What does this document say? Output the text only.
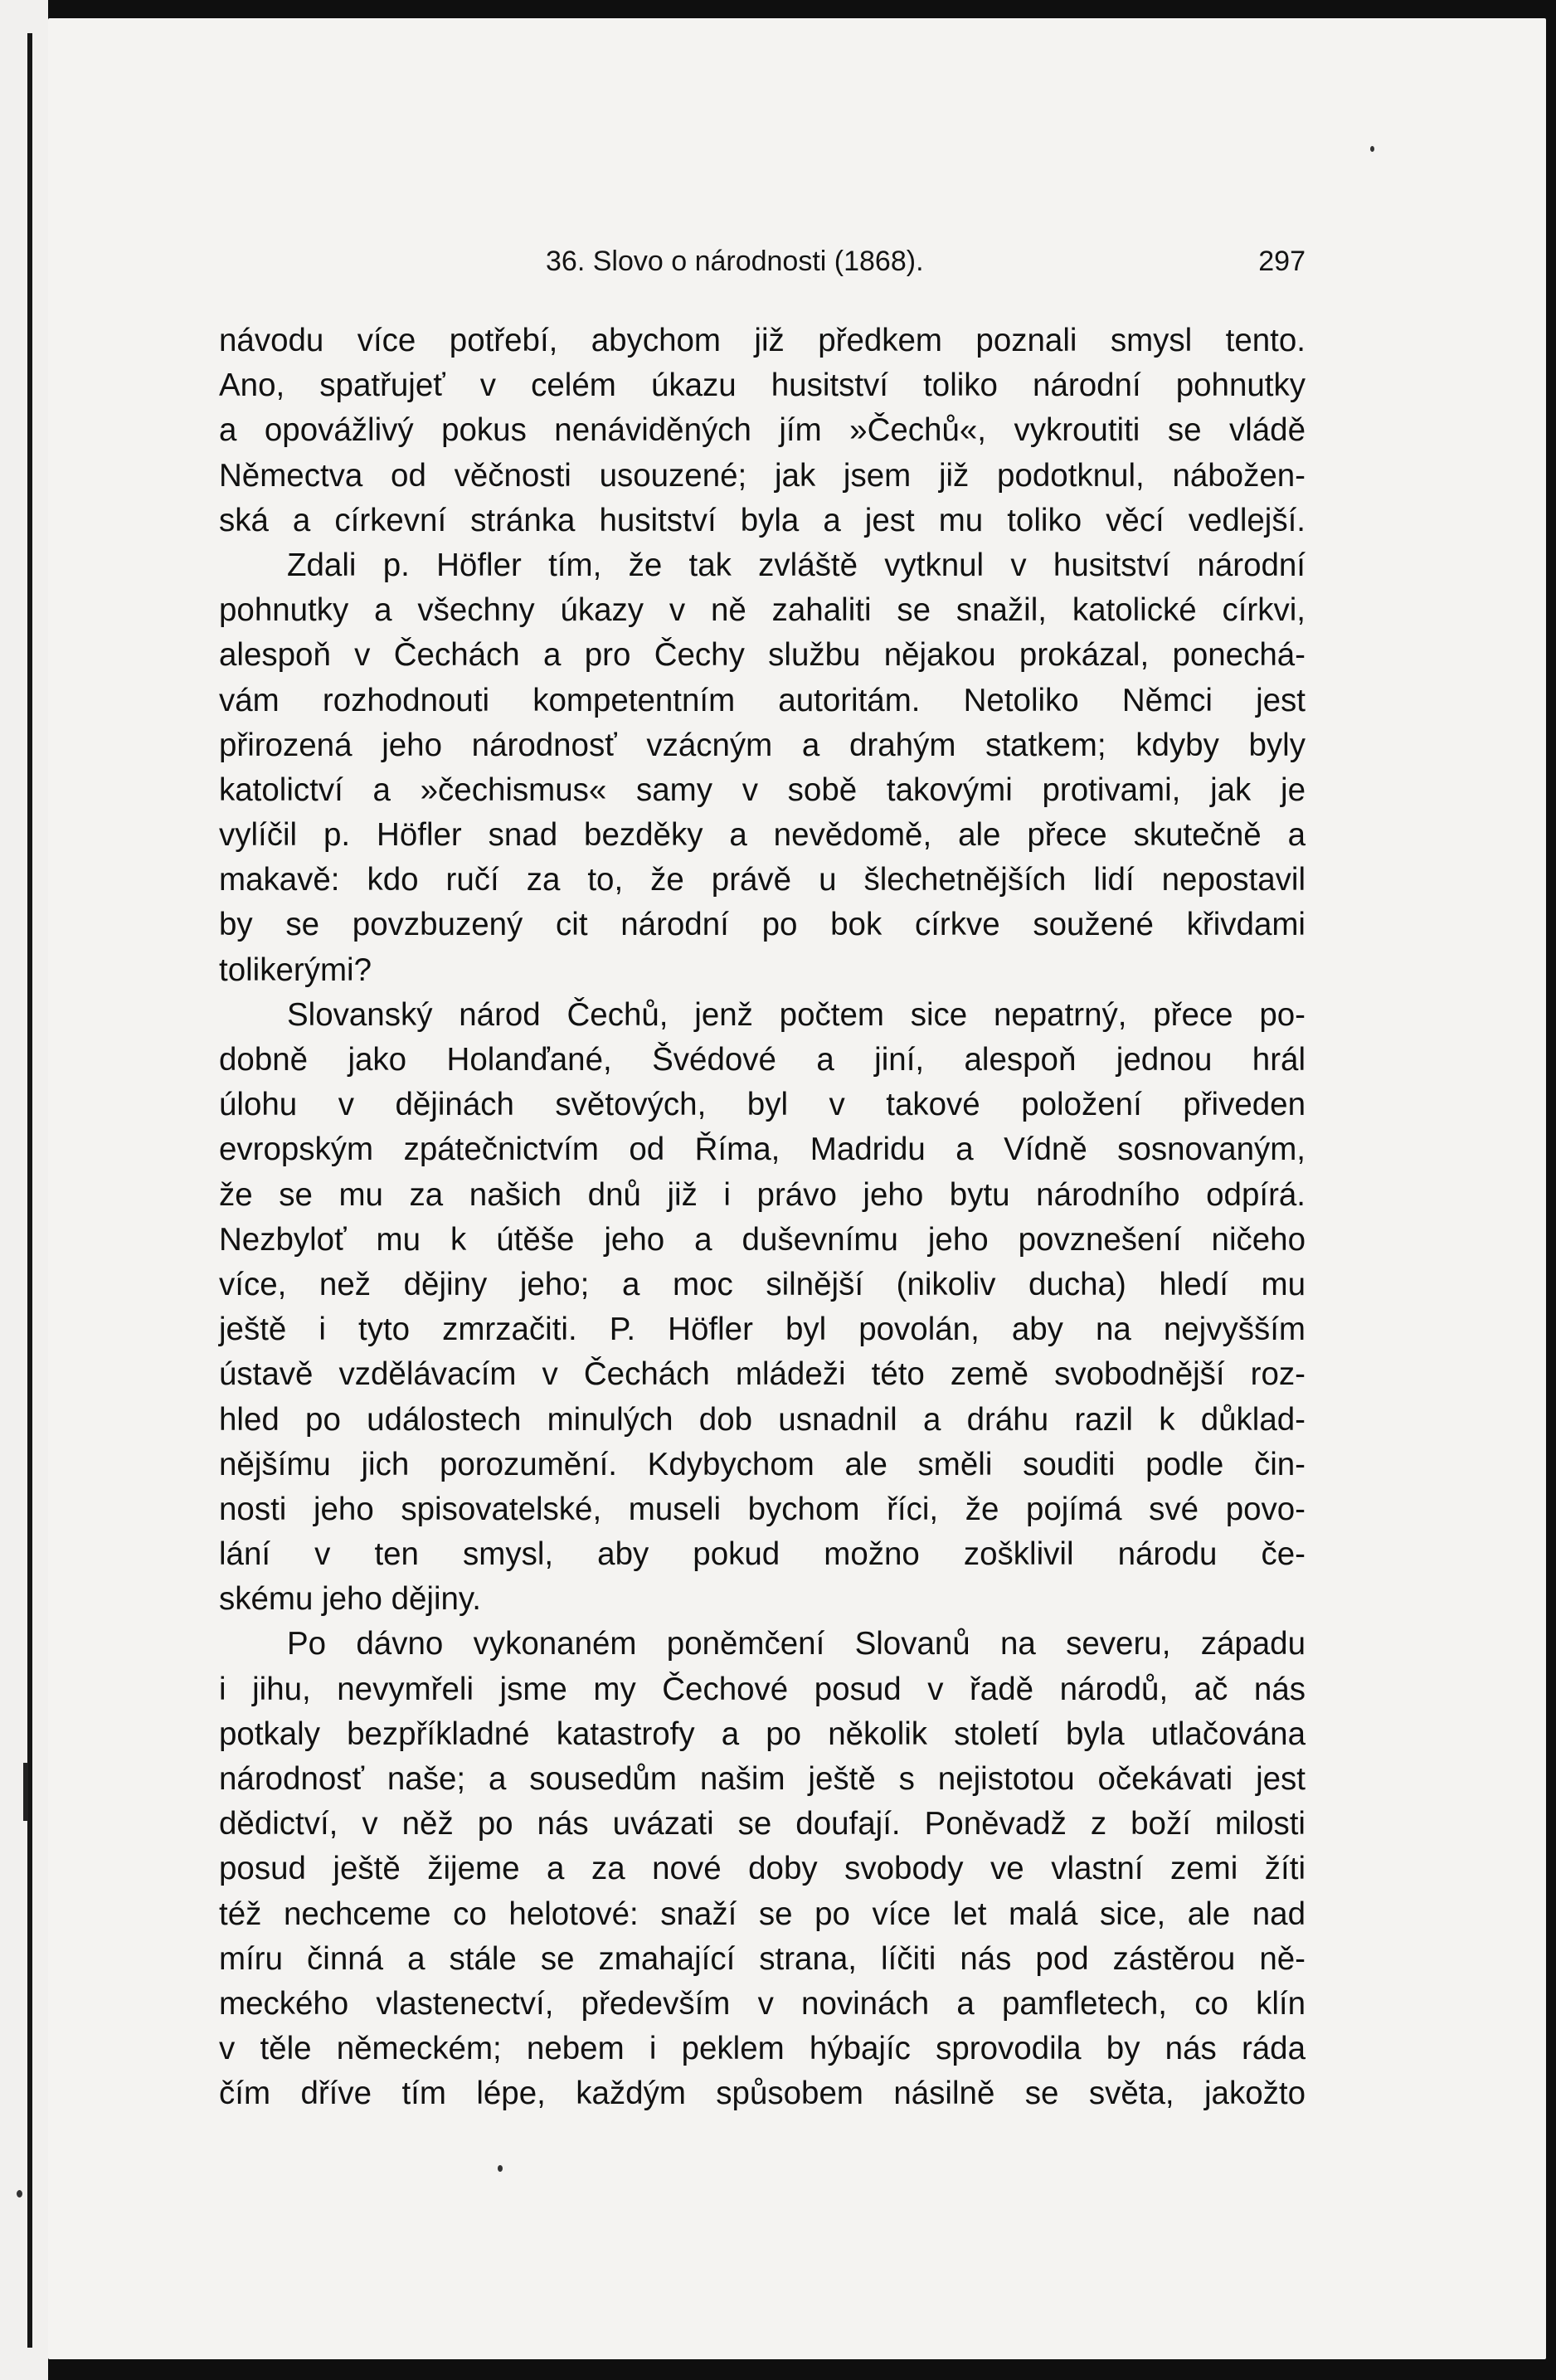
36. Slovo o národnosti (1868).	297
návodu více potřebí, abychom již předkem poznali smysl tento.
Ano, spatřujeť v celém úkazu husitství toliko národní pohnutky
a opovážlivý pokus nenáviděných jím »Čechů«, vykroutiti se vládě
Němectva od věčnosti usouzené; jak jsem již podotknul, nábožen-
ská a církevní stránka husitství byla a jest mu toliko věcí vedlejší.
Zdali p. Höfler tím, že tak zvláště vytknul v husitství národní
pohnutky a všechny úkazy v ně zahaliti se snažil, katolické církvi,
alespoň v Čechách a pro Čechy službu nějakou prokázal, ponechá-
vám rozhodnouti kompetentním autoritám. Netoliko Němci jest
přirozená jeho národnosť vzácným a drahým statkem; kdyby byly
katolictví a »čechismus« samy v sobě takovými protivami, jak je
vylíčil p. Höfler snad bezděky a nevědomě, ale přece skutečně a
makavě: kdo ručí za to, že právě u šlechetnějších lidí nepostavil
by se povzbuzený cit národní po bok církve soužené křivdami
tolikerými?
Slovanský národ Čechů, jenž počtem sice nepatrný, přece po-
dobně jako Holanďané, Švédové a jiní, alespoň jednou hrál
úlohu v dějinách světových, byl v takové položení přiveden
evropským zpátečnictvím od Říma, Madridu a Vídně sosnovaným,
že se mu za našich dnů již i právo jeho bytu národního odpírá.
Nezbyloť mu k útěše jeho a duševnímu jeho povznešení ničeho
více, než dějiny jeho; a moc silnější (nikoliv ducha) hledí mu
ještě i tyto zmrzačiti. P. Höfler byl povolán, aby na nejvyšším
ústavě vzdělávacím v Čechách mládeži této země svobodnější roz-
hled po událostech minulých dob usnadnil a dráhu razil k důklad-
nějšímu jich porozumění. Kdybychom ale směli souditi podle čin-
nosti jeho spisovatelské, museli bychom říci, že pojímá své povo-
lání v ten smysl, aby pokud možno zošklivil národu če-
skému jeho dějiny.
Po dávno vykonaném poněmčení Slovanů na severu, západu
i jihu, nevymřeli jsme my Čechové posud v řadě národů, ač nás
potkaly bezpříkladné katastrofy a po několik století byla utlačována
národnosť naše; a sousedům našim ještě s nejistotou očekávati jest
dědictví, v něž po nás uvázati se doufají. Poněvadž z boží milosti
posud ještě žijeme a za nové doby svobody ve vlastní zemi žíti
též nechceme co helotové: snaží se po více let malá sice, ale nad
míru činná a stále se zmahající strana, líčiti nás pod zástěrou ně-
meckého vlastenectví, především v novinách a pamfletech, co klín
v těle německém; nebem i peklem hýbajíc sprovodila by nás ráda
čím dříve tím lépe, každým spůsobem násilně se světa, jakožto
